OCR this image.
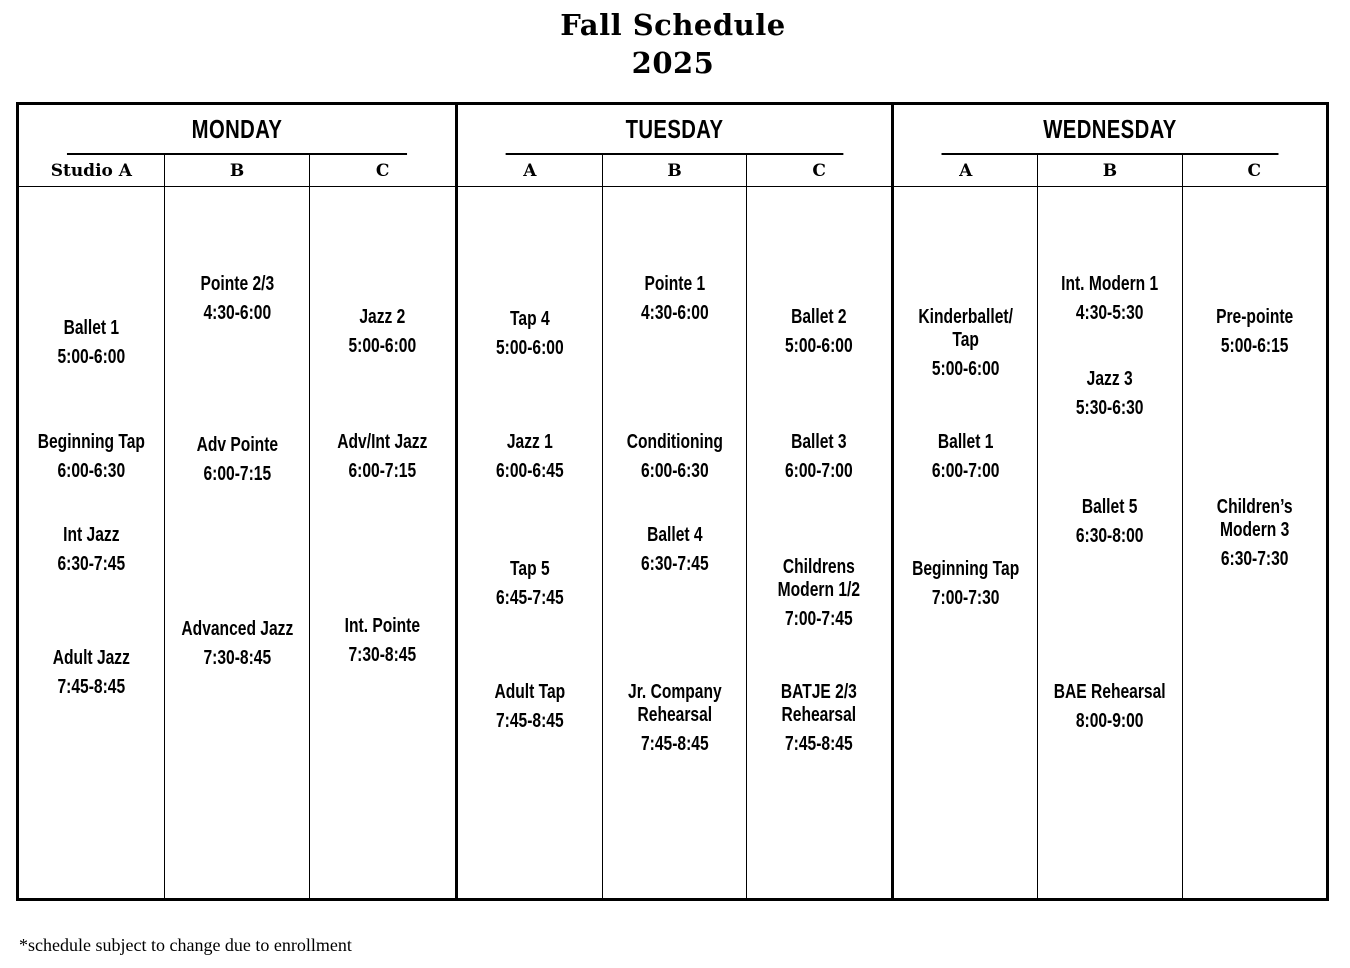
Fall Schedule
2025
MONDAY
Studio A
Ballet 1
5:00-6:00
Beginning Tap
6:00-6:30
Int Jazz
6:30-7:45
Adult Jazz
7:45-8:45
B
Pointe 2/3
4:30-6:00
Adv Pointe
6:00-7:15
Advanced Jazz
7:30-8:45
C
Jazz 2
5:00-6:00
Adv/Int Jazz
6:00-7:15
Int. Pointe
7:30-8:45
TUESDAY
A
Tap 4
5:00-6:00
Jazz 1
6:00-6:45
Tap 5
6:45-7:45
Adult Tap
7:45-8:45
B
Pointe 1
4:30-6:00
Conditioning
6:00-6:30
Ballet 4
6:30-7:45
Jr. Company
Rehearsal
7:45-8:45
C
Ballet 2
5:00-6:00
Ballet 3
6:00-7:00
Childrens
Modern 1/2
7:00-7:45
BATJE 2/3
Rehearsal
7:45-8:45
WEDNESDAY
A
Kinderballet/
Tap
5:00-6:00
Ballet 1
6:00-7:00
Beginning Tap
7:00-7:30
B
Int. Modern 1
4:30-5:30
Jazz 3
5:30-6:30
Ballet 5
6:30-8:00
BAE Rehearsal
8:00-9:00
C
Pre-pointe
5:00-6:15
Children’s
Modern 3
6:30-7:30
*schedule subject to change due to enrollment
